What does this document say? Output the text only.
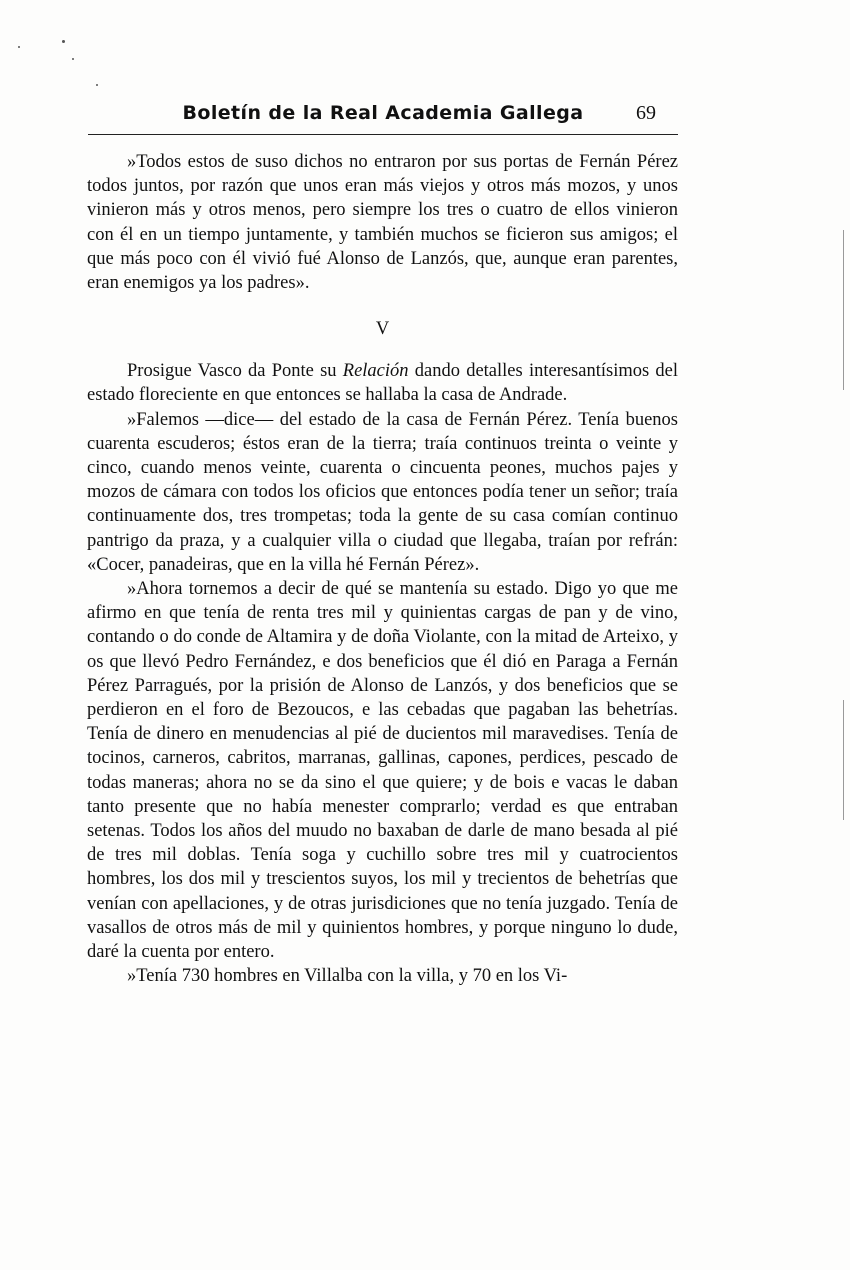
Boletín de la Real Academia Gallega	69

»Todos estos de suso dichos no entraron por sus portas de Fernán Pérez todos juntos, por razón que unos eran más viejos y otros más mozos, y unos vinieron más y otros menos, pero siempre los tres o cuatro de ellos vinieron con él en un tiempo juntamente, y también muchos se ficieron sus amigos; el que más poco con él vivió fué Alonso de Lanzós, que, aunque eran parentes, eran enemigos ya los padres».

V

Prosigue Vasco da Ponte su Relación dando detalles interesantísimos del estado floreciente en que entonces se hallaba la casa de Andrade.

»Falemos —dice— del estado de la casa de Fernán Pérez. Tenía buenos cuarenta escuderos; éstos eran de la tierra; traía continuos treinta o veinte y cinco, cuando menos veinte, cuarenta o cincuenta peones, muchos pajes y mozos de cámara con todos los oficios que entonces podía tener un señor; traía continuamente dos, tres trompetas; toda la gente de su casa comían continuo pantrigo da praza, y a cualquier villa o ciudad que llegaba, traían por refrán: «Cocer, panadeiras, que en la villa hé Fernán Pérez».

»Ahora tornemos a decir de qué se mantenía su estado. Digo yo que me afirmo en que tenía de renta tres mil y quinientas cargas de pan y de vino, contando o do conde de Altamira y de doña Violante, con la mitad de Arteixo, y os que llevó Pedro Fernández, e dos beneficios que él dió en Paraga a Fernán Pérez Parragués, por la prisión de Alonso de Lanzós, y dos beneficios que se perdieron en el foro de Bezoucos, e las cebadas que pagaban las behetrías. Tenía de dinero en menudencias al pié de ducientos mil maravedises. Tenía de tocinos, carneros, cabritos, marranas, gallinas, capones, perdices, pescado de todas maneras; ahora no se da sino el que quiere; y de bois e vacas le daban tanto presente que no había menester comprarlo; verdad es que entraban setenas. Todos los años del muudo no baxaban de darle de mano besada al pié de tres mil doblas. Tenía soga y cuchillo sobre tres mil y cuatrocientos hombres, los dos mil y trescientos suyos, los mil y trecientos de behetrías que venían con apellaciones, y de otras jurisdiciones que no tenía juzgado. Tenía de vasallos de otros más de mil y quinientos hombres, y porque ninguno lo dude, daré la cuenta por entero.

»Tenía 730 hombres en Villalba con la villa, y 70 en los Vi-
